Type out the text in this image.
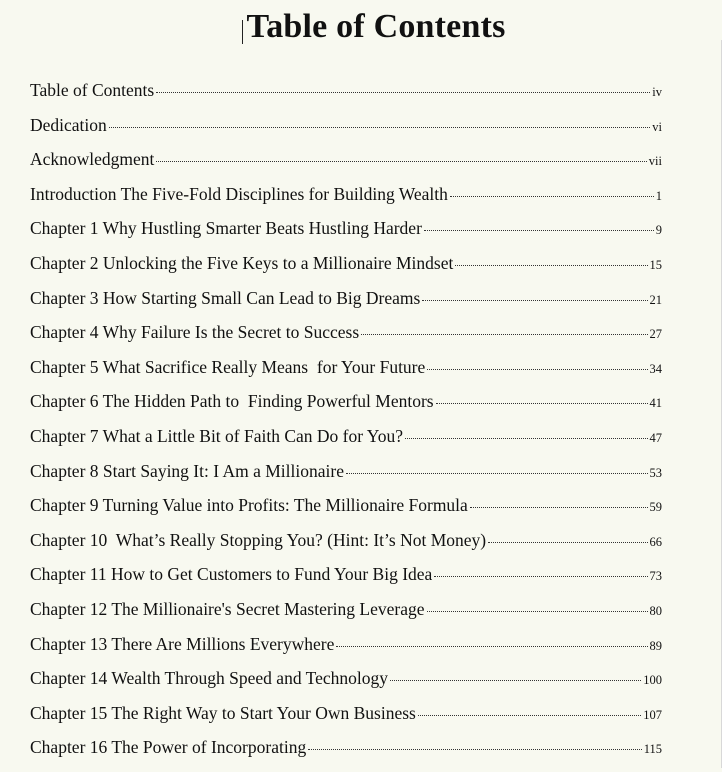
Table of Contents
Table of Contents	iv
Dedication	vi
Acknowledgment	vii
Introduction The Five-Fold Disciplines for Building Wealth	1
Chapter 1 Why Hustling Smarter Beats Hustling Harder	9
Chapter 2 Unlocking the Five Keys to a Millionaire Mindset	15
Chapter 3 How Starting Small Can Lead to Big Dreams	21
Chapter 4 Why Failure Is the Secret to Success	27
Chapter 5 What Sacrifice Really Means  for Your Future	34
Chapter 6 The Hidden Path to  Finding Powerful Mentors	41
Chapter 7 What a Little Bit of Faith Can Do for You?	47
Chapter 8 Start Saying It: I Am a Millionaire	53
Chapter 9 Turning Value into Profits: The Millionaire Formula	59
Chapter 10  What’s Really Stopping You? (Hint: It’s Not Money)	66
Chapter 11 How to Get Customers to Fund Your Big Idea	73
Chapter 12 The Millionaire's Secret Mastering Leverage	80
Chapter 13 There Are Millions Everywhere	89
Chapter 14 Wealth Through Speed and Technology	100
Chapter 15 The Right Way to Start Your Own Business	107
Chapter 16 The Power of Incorporating	115
